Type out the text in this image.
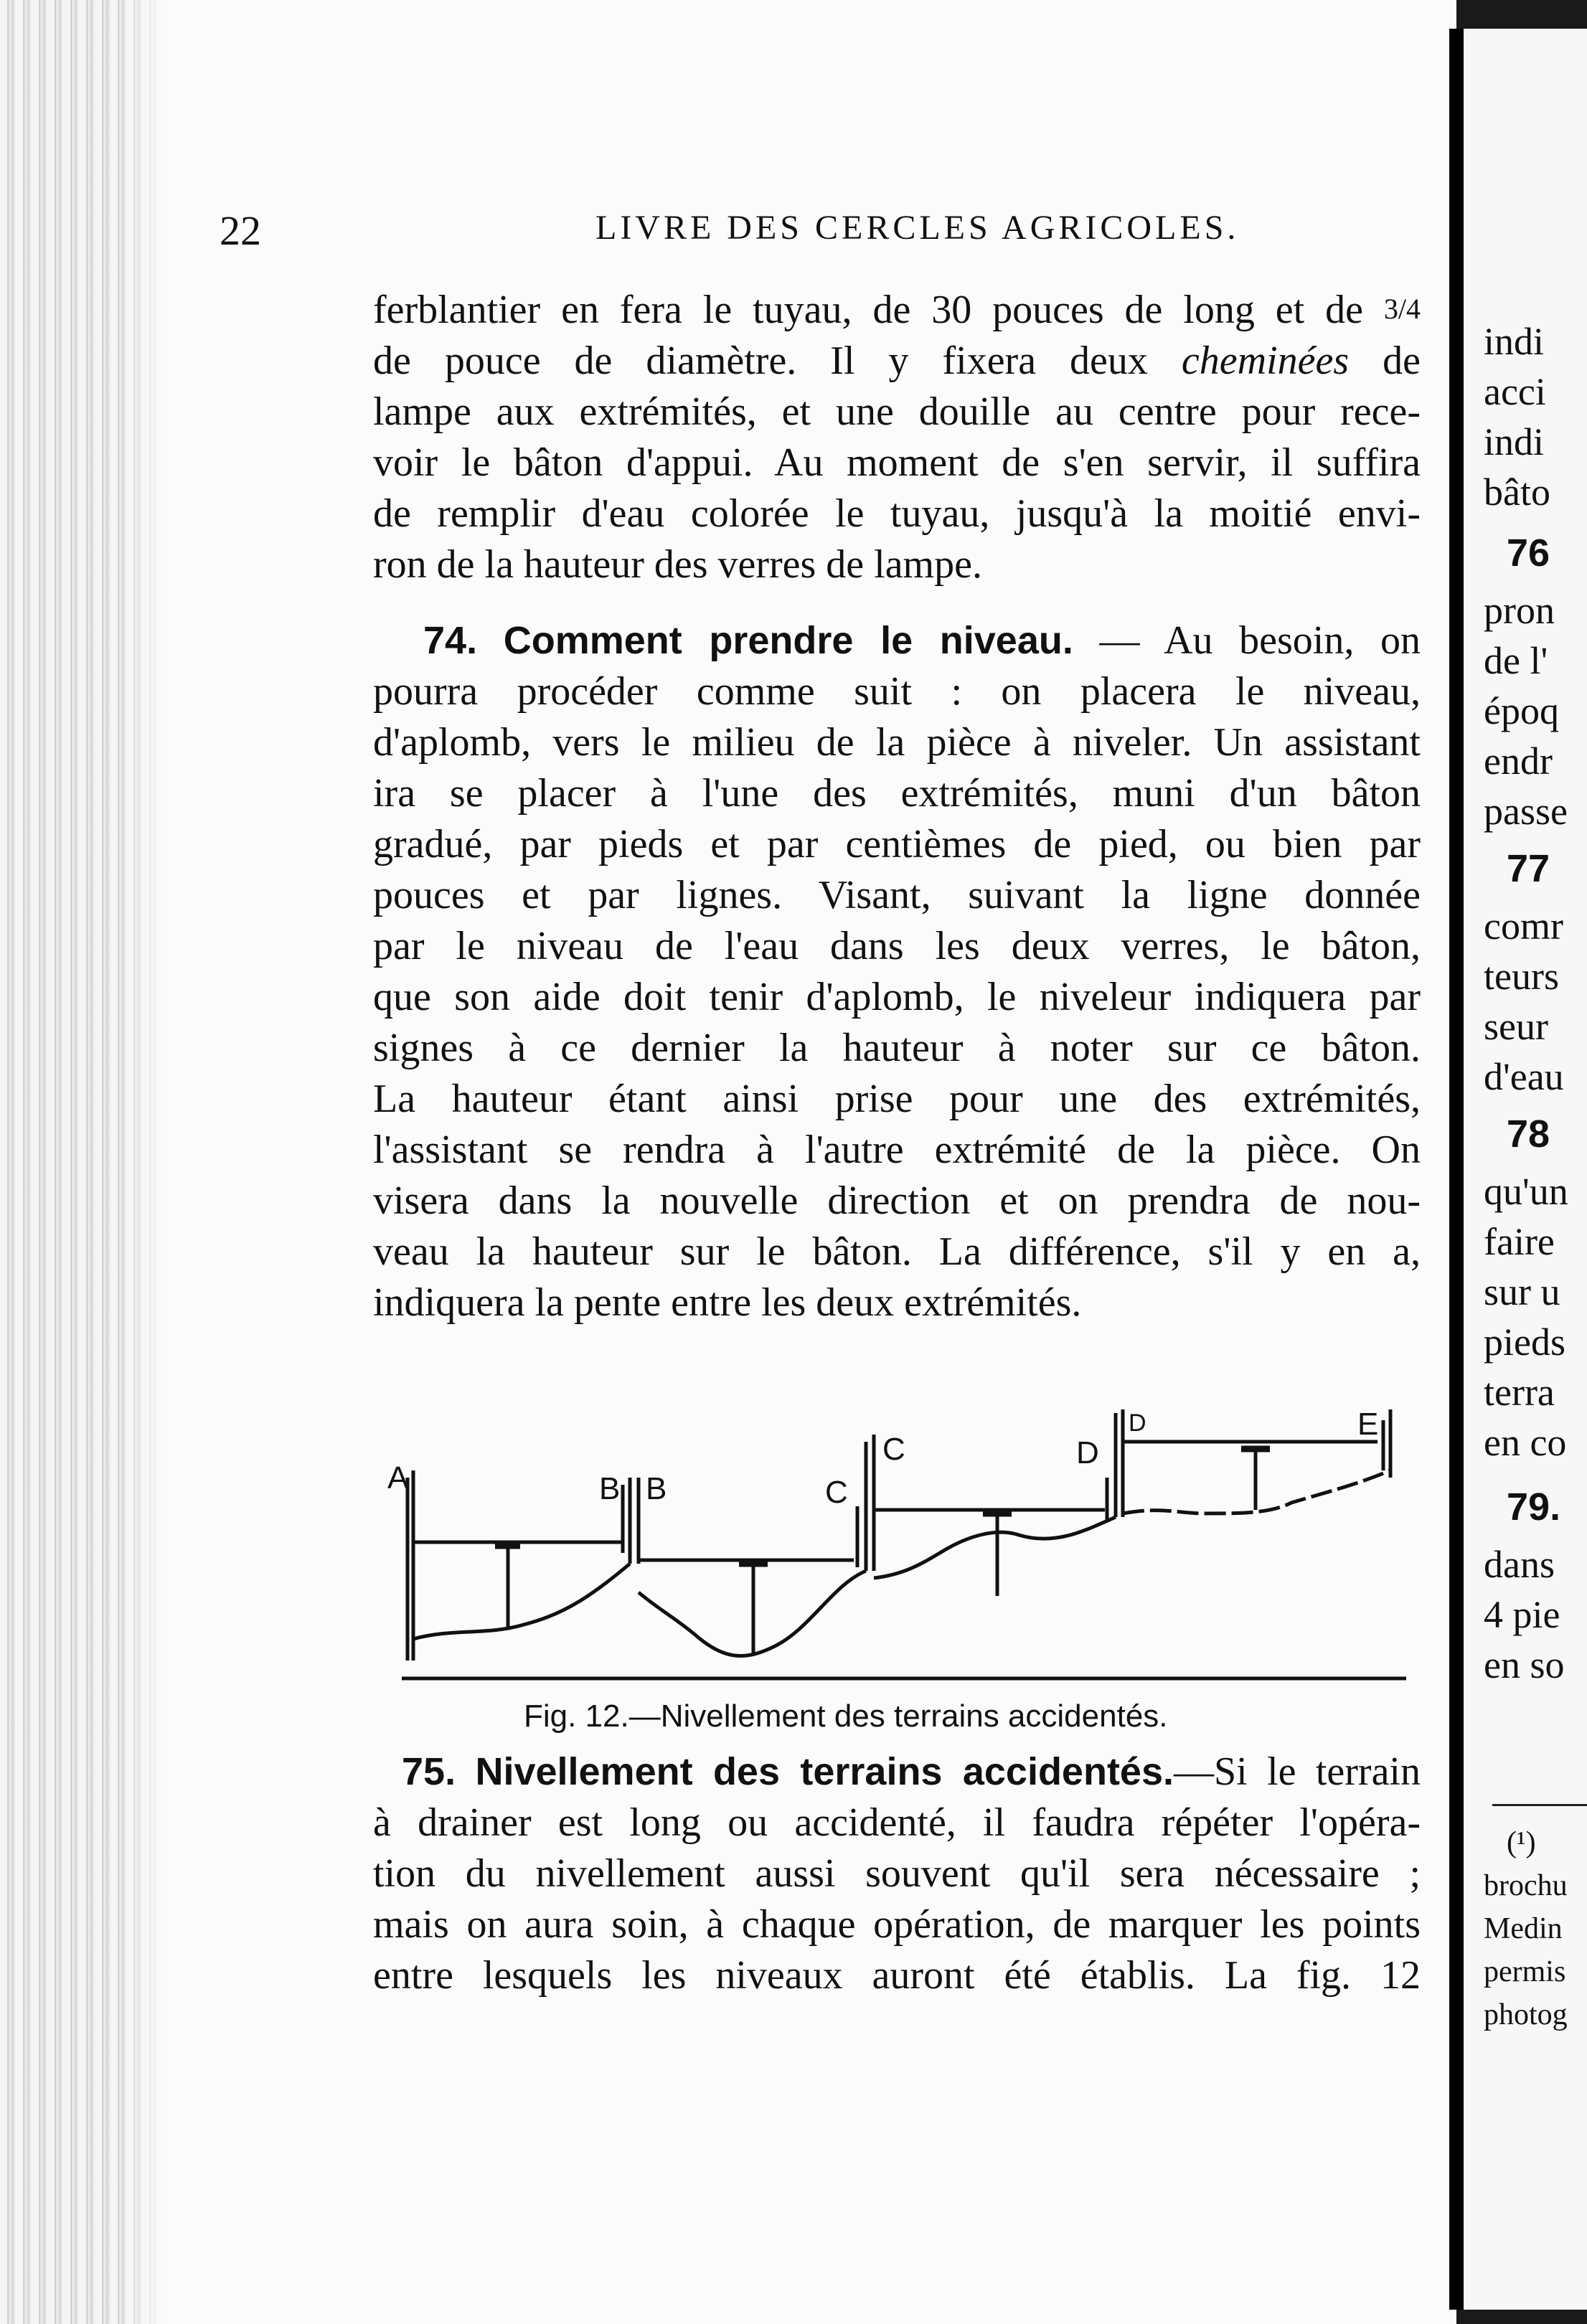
22	LIVRE DES CERCLES AGRICOLES.
ferblantier en fera le tuyau, de 30 pouces de long et de 3/4
de pouce de diamètre. Il y fixera deux cheminées de
lampe aux extrémités, et une douille au centre pour rece-
voir le bâton d'appui. Au moment de s'en servir, il suffira
de remplir d'eau colorée le tuyau, jusqu'à la moitié envi-
ron de la hauteur des verres de lampe.
74. Comment prendre le niveau. — Au besoin, on
pourra procéder comme suit : on placera le niveau,
d'aplomb, vers le milieu de la pièce à niveler. Un assistant
ira se placer à l'une des extrémités, muni d'un bâton
gradué, par pieds et par centièmes de pied, ou bien par
pouces et par lignes. Visant, suivant la ligne donnée
par le niveau de l'eau dans les deux verres, le bâton,
que son aide doit tenir d'aplomb, le niveleur indiquera par
signes à ce dernier la hauteur à noter sur ce bâton.
La hauteur étant ainsi prise pour une des extrémités,
l'assistant se rendra à l'autre extrémité de la pièce. On
visera dans la nouvelle direction et on prendra de nou-
veau la hauteur sur le bâton. La différence, s'il y en a,
indiquera la pente entre les deux extrémités.
A	B B	C
C	D
D	E
Fig. 12.—Nivellement des terrains accidentés.
75. Nivellement des terrains accidentés.—Si le terrain
à drainer est long ou accidenté, il faudra répéter l'opéra-
tion du nivellement aussi souvent qu'il sera nécessaire ;
mais on aura soin, à chaque opération, de marquer les points
entre lesquels les niveaux auront été établis. La fig. 12
indi
acci
indi
bâto
76
pron
de l'
époq
endr
passe
77
comr
teurs
seur
d'eau
78
qu'un
faire
sur u
pieds
terra
en co
79.
dans
4 pie
en so
(¹)
brochu
Medin
permis
photog
